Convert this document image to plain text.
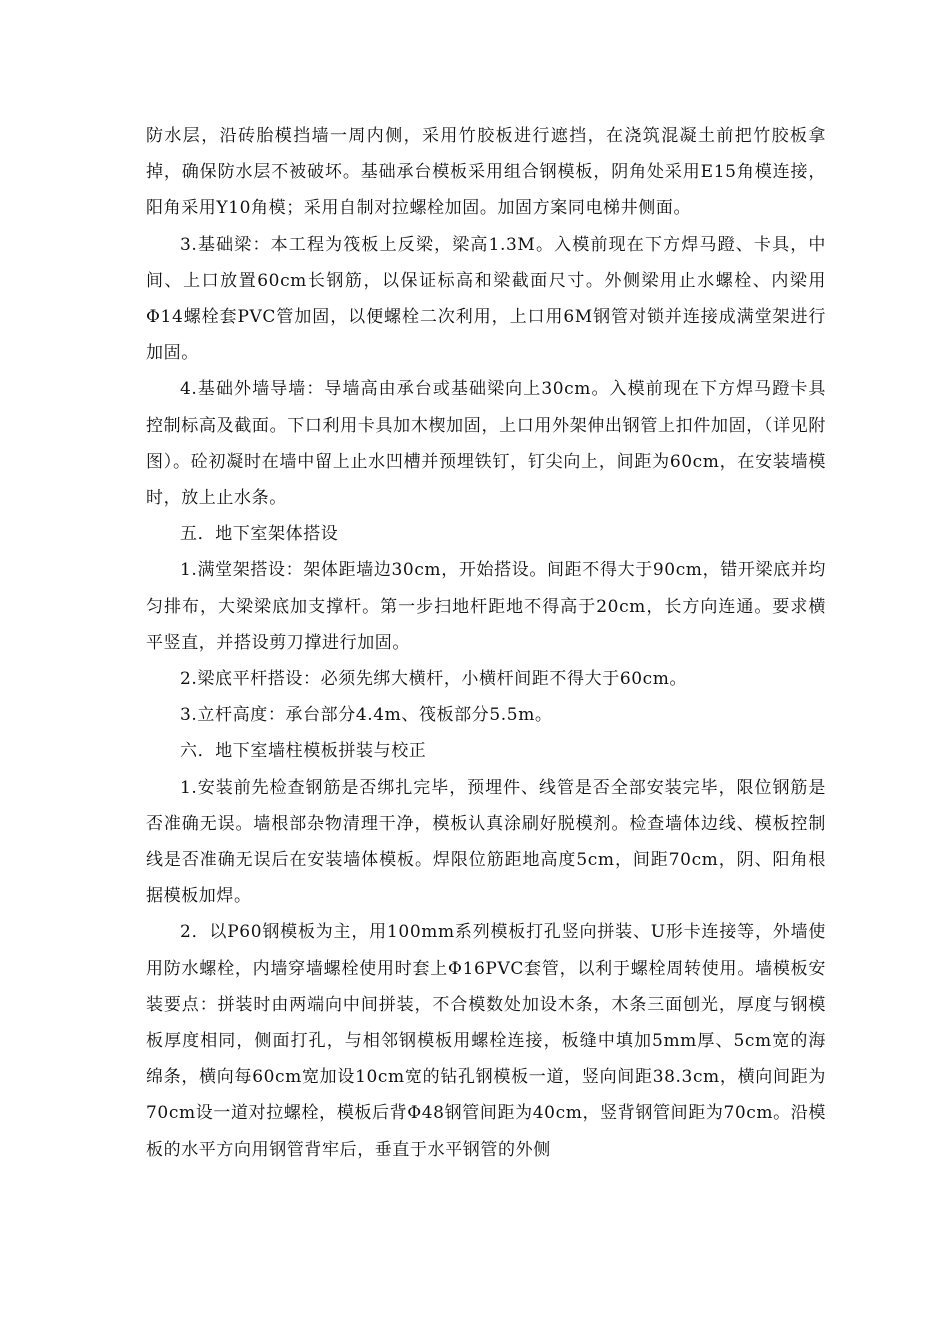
防水层，沿砖胎模挡墙一周内侧，采用竹胶板进行遮挡，在浇筑混凝土前把竹胶板拿掉，确保防水层不被破坏。基础承台模板采用组合钢模板，阴角处采用E15角模连接，阳角采用Y10角模；采用自制对拉螺栓加固。加固方案同电梯井侧面。

3.基础梁：本工程为筏板上反梁，梁高1.3M。入模前现在下方焊马蹬、卡具，中间、上口放置60cm长钢筋，以保证标高和梁截面尺寸。外侧梁用止水螺栓、内梁用Φ14螺栓套PVC管加固，以便螺栓二次利用，上口用6M钢管对锁并连接成满堂架进行加固。

4.基础外墙导墙：导墙高由承台或基础梁向上30cm。入模前现在下方焊马蹬卡具控制标高及截面。下口利用卡具加木楔加固，上口用外架伸出钢管上扣件加固，（详见附图）。砼初凝时在墙中留上止水凹槽并预埋铁钉，钉尖向上，间距为60cm，在安装墙模时，放上止水条。

五．地下室架体搭设

1.满堂架搭设：架体距墙边30cm，开始搭设。间距不得大于90cm，错开梁底并均匀排布，大梁梁底加支撑杆。第一步扫地杆距地不得高于20cm，长方向连通。要求横平竖直，并搭设剪刀撑进行加固。

2.梁底平杆搭设：必须先绑大横杆，小横杆间距不得大于60cm。

3.立杆高度：承台部分4.4m、筏板部分5.5m。

六．地下室墙柱模板拼装与校正

1.安装前先检查钢筋是否绑扎完毕，预埋件、线管是否全部安装完毕，限位钢筋是否准确无误。墙根部杂物清理干净，模板认真涂刷好脱模剂。检查墙体边线、模板控制线是否准确无误后在安装墙体模板。焊限位筋距地高度5cm，间距70cm，阴、阳角根据模板加焊。

2．以P60钢模板为主，用100mm系列模板打孔竖向拼装、U形卡连接等，外墙使用防水螺栓，内墙穿墙螺栓使用时套上Φ16PVC套管，以利于螺栓周转使用。墙模板安装要点：拼装时由两端向中间拼装，不合模数处加设木条，木条三面刨光，厚度与钢模板厚度相同，侧面打孔，与相邻钢模板用螺栓连接，板缝中填加5mm厚、5cm宽的海绵条，横向每60cm宽加设10cm宽的钻孔钢模板一道，竖向间距38.3cm，横向间距为70cm设一道对拉螺栓，模板后背Φ48钢管间距为40cm，竖背钢管间距为70cm。沿模板的水平方向用钢管背牢后，垂直于水平钢管的外侧
